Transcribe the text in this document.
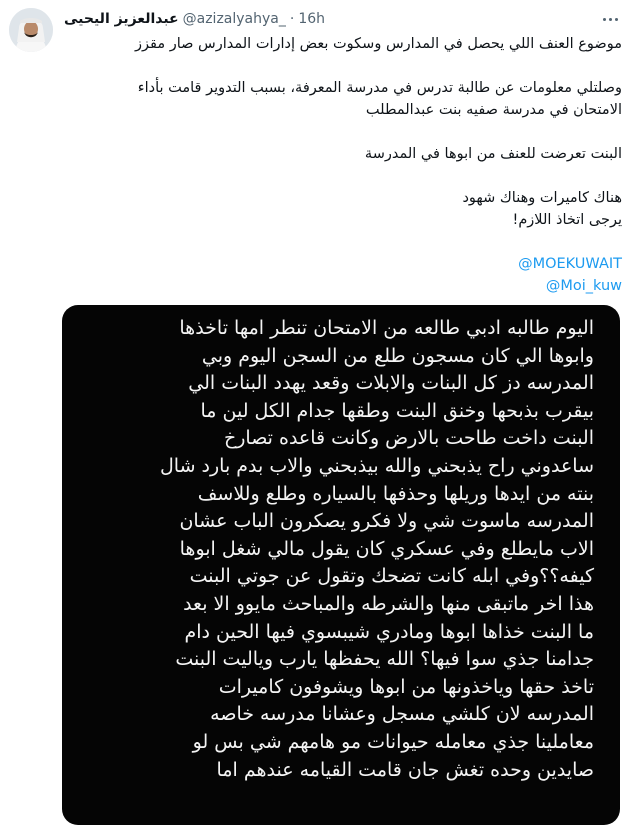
عبدالعزيز اليحيى @azizalyahya_ · 16h

موضوع العنف اللي يحصل في المدارس وسكوت بعض إدارات المدارس صار مقزز

وصلتلي معلومات عن طالبة تدرس في مدرسة المعرفة، بسبب التدوير قامت بأداء

الامتحان في مدرسة صفيه بنت عبدالمطلب

البنت تعرضت للعنف من ابوها في المدرسة

هناك كاميرات وهناك شهود

يرجى اتخاذ اللازم!

@MOEKUWAIT
@Moi_kuw
اليوم طالبه ادبي طالعه من الامتحان تنطر امها تاخذها
وابوها الي كان مسجون طلع من السجن اليوم وبي
المدرسه دز كل البنات والابلات وقعد يهدد البنات الي
بيقرب بذبحها وخنق البنت وطقها جدام الكل لين ما
البنت داخت طاحت بالارض وكانت قاعده تصارخ
ساعدوني راح يذبحني والله بيذبحني والاب بدم بارد شال
بنته من ايدها وريلها وحذفها بالسياره وطلع وللاسف
المدرسه ماسوت شي ولا فكرو يصكرون الباب عشان
الاب مايطلع وفي عسكري كان يقول مالي شغل ابوها
كيفه؟؟وفي ابله كانت تضحك وتقول عن جوتي البنت
هذا اخر ماتبقى منها والشرطه والمباحث مايوو الا بعد
ما البنت خذاها ابوها ومادري شيبسوي فيها الحين دام
جدامنا جذي سوا فيها؟ الله يحفظها يارب وياليت البنت
تاخذ حقها وياخذونها من ابوها ويشوفون كاميرات
المدرسه لان كلشي مسجل وعشانا مدرسه خاصه
معاملينا جذي معامله حيوانات مو هامهم شي بس لو
صايدين وحده تغش جان قامت القيامه عندهم اما
